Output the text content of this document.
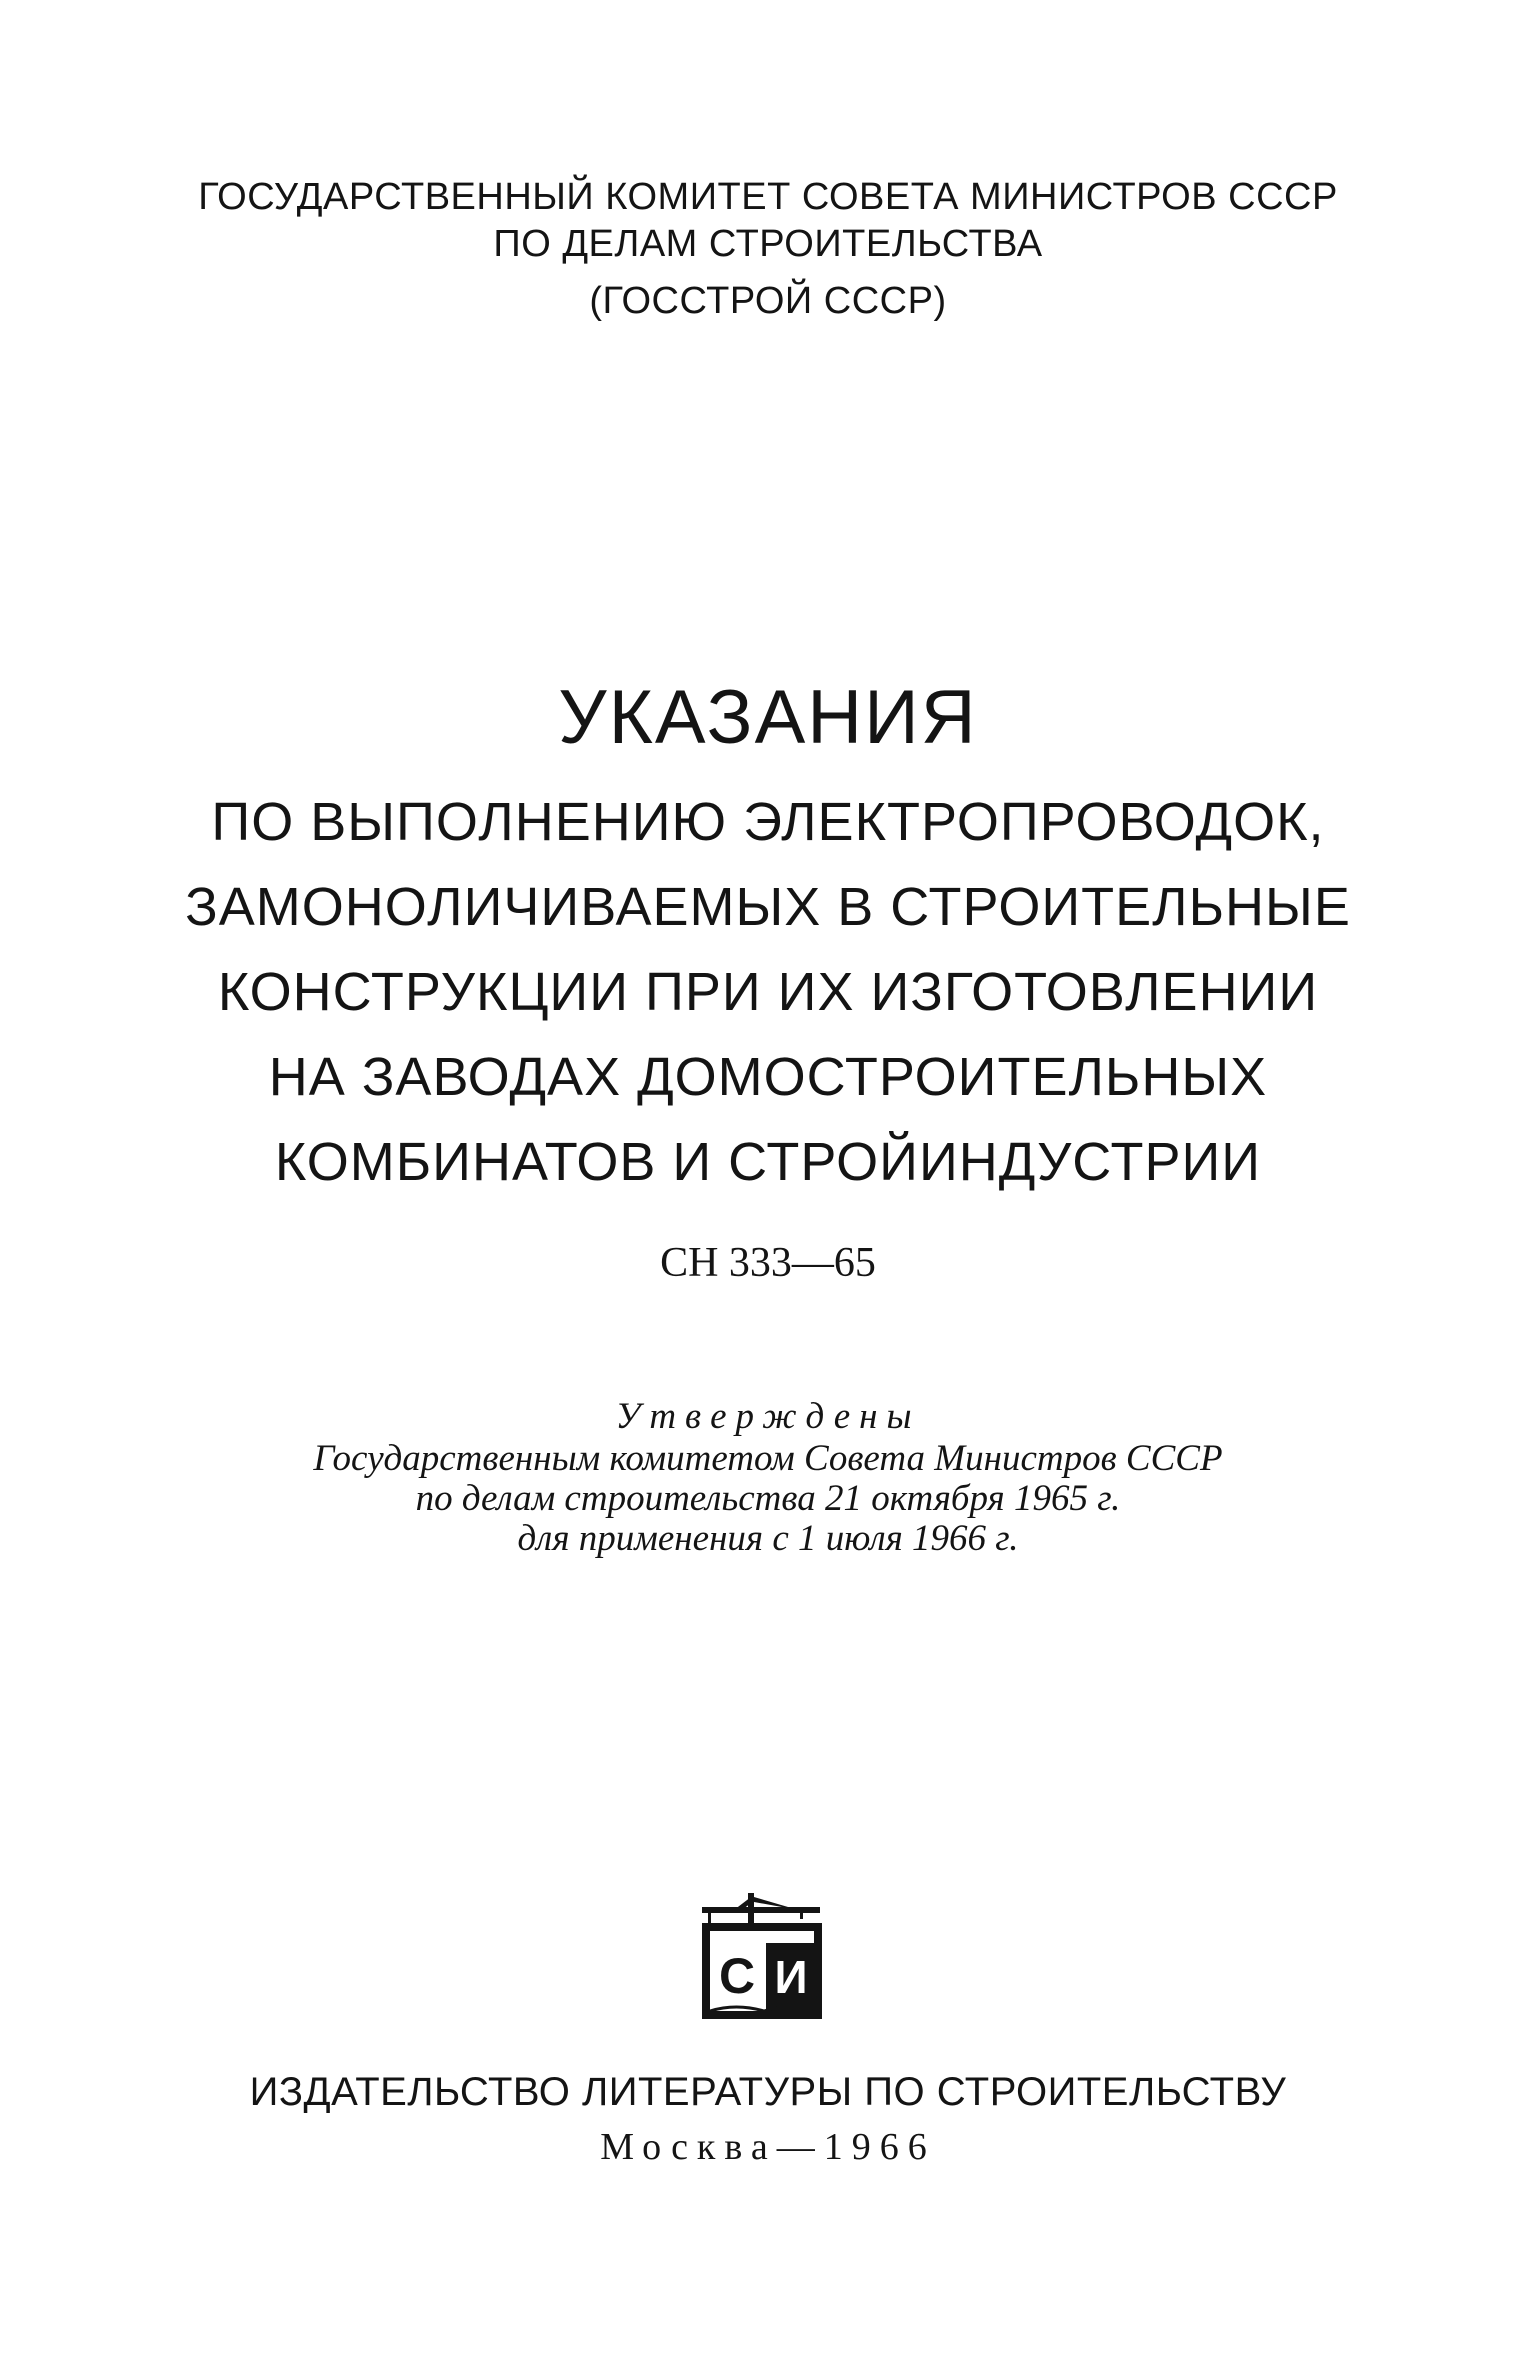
ГОСУДАРСТВЕННЫЙ КОМИТЕТ СОВЕТА МИНИСТРОВ СССР

ПО ДЕЛАМ СТРОИТЕЛЬСТВА

(ГОССТРОЙ СССР)

УКАЗАНИЯ

ПО ВЫПОЛНЕНИЮ ЭЛЕКТРОПРОВОДОК,

ЗАМОНОЛИЧИВАЕМЫХ В СТРОИТЕЛЬНЫЕ

КОНСТРУКЦИИ ПРИ ИХ ИЗГОТОВЛЕНИИ

НА ЗАВОДАХ ДОМОСТРОИТЕЛЬНЫХ

КОМБИНАТОВ И СТРОЙИНДУСТРИИ

СН 333—65

Утверждены

Государственным комитетом Совета Министров СССР

по делам строительства 21 октября 1965 г.

для применения с 1 июля 1966 г.

С И

ИЗДАТЕЛЬСТВО ЛИТЕРАТУРЫ ПО СТРОИТЕЛЬСТВУ

Москва—1966
